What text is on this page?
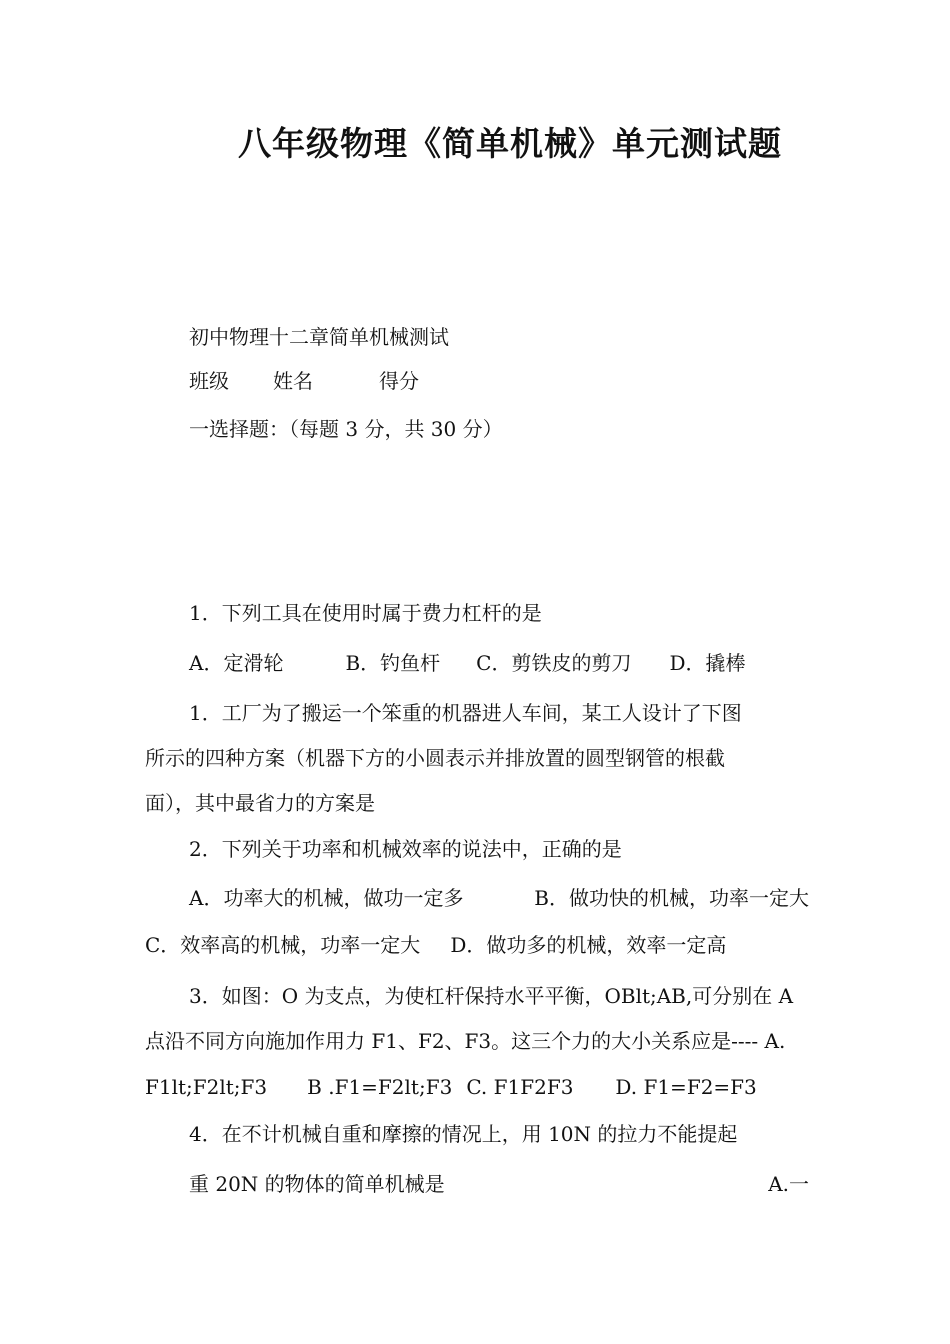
八年级物理《简单机械》单元测试题
初中物理十二章简单机械测试
班级 姓名	得分
一选择题：（每题 3 分，共 30 分）
1．下列工具在使用时属于费力杠杆的是
A．定滑轮	B．钓鱼杆 C．剪铁皮的剪刀 D．撬棒
1．工厂为了搬运一个笨重的机器进人车间，某工人设计了下图
所示的四种方案（机器下方的小圆表示并排放置的圆型钢管的根截
面），其中最省力的方案是
2．下列关于功率和机械效率的说法中，正确的是
A．功率大的机械，做功一定多	B．做功快的机械，功率一定大
C．效率高的机械，功率一定大 D．做功多的机械，效率一定高
3．如图：O 为支点，为使杠杆保持水平平衡，OBlt;AB,可分别在 A
点沿不同方向施加作用力 F1、F2、F3。这三个力的大小关系应是---- A.
F1lt;F2lt;F3 B .F1=F2lt;F3 C. F1F2F3 D. F1=F2=F3
4．在不计机械自重和摩擦的情况上，用 10N 的拉力不能提起
重 20N 的物体的简单机械是	A.一
